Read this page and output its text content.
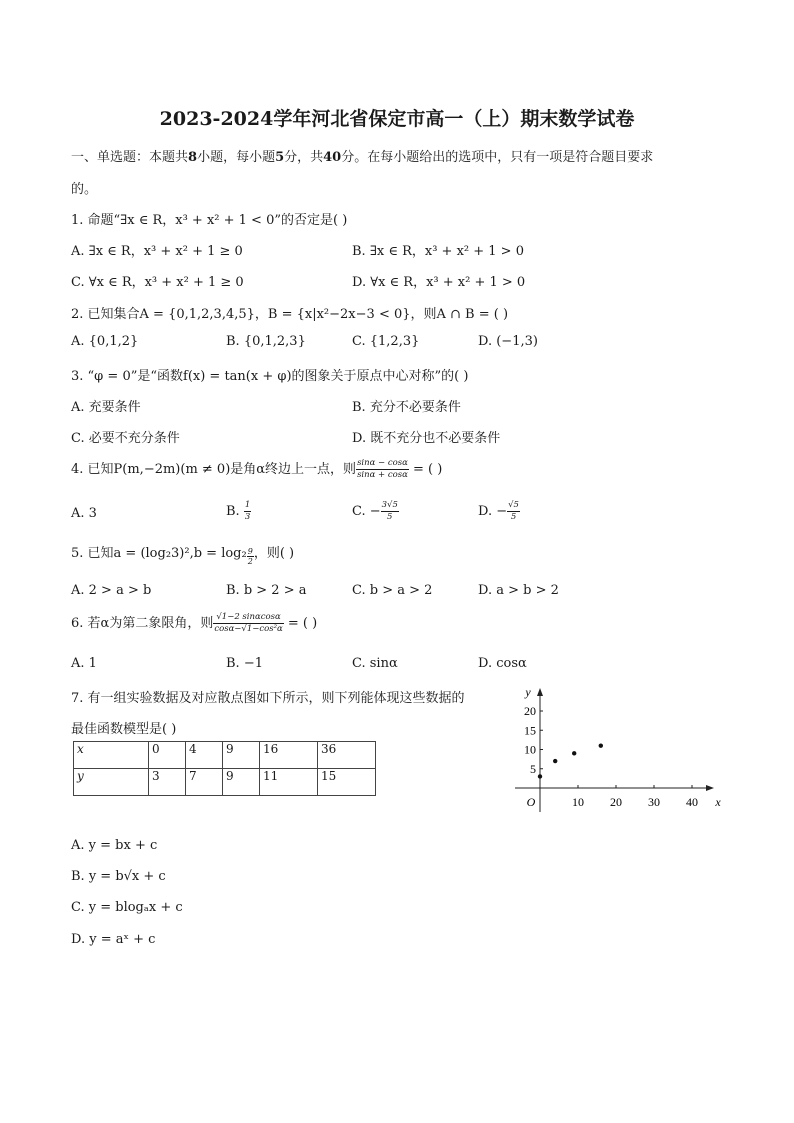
2023-2024学年河北省保定市高一（上）期末数学试卷
一、单选题：本题共8小题，每小题5分，共40分。在每小题给出的选项中，只有一项是符合题目要求
的。
1. 命题“∃x ∈ R，x³ + x² + 1 < 0”的否定是( )
A. ∃x ∈ R，x³ + x² + 1 ≥ 0	B. ∃x ∈ R，x³ + x² + 1 > 0
C. ∀x ∈ R，x³ + x² + 1 ≥ 0	D. ∀x ∈ R，x³ + x² + 1 > 0
2. 已知集合A = {0,1,2,3,4,5}，B = {x|x²−2x−3 < 0}，则A ∩ B = ( )
A. {0,1,2}	B. {0,1,2,3}	C. {1,2,3}	D. (−1,3)
3. “φ = 0”是“函数f(x) = tan(x + φ)的图象关于原点中心对称”的( )
A. 充要条件	B. 充分不必要条件
C. 必要不充分条件	D. 既不充分也不必要条件
4. 已知P(m,−2m)(m ≠ 0)是角α终边上一点，则 $\frac{\sin\alpha - \cos\alpha}{\sin\alpha + \cos\alpha}$ = ( )
A. 3	B. $\frac{1}{3}$	C. − $\frac{3√5}{5}$	D. − $\frac{√5}{5}$
5. 已知$a = (\log_23)^2,b = \log_2 \frac{9}{2}$ ，则( )
A. 2 > a > b	B. b > 2 > a	C. b > a > 2	D. a > b > 2
6. 若α为第二象限角，则 $\frac{√1-2 \sin\alpha\cos\alpha}{\text{cosα−√1−cos²α}}$ = ( )
A. 1	B. −1	C. sinα	D. cosα
7. 有一组实验数据及对应散点图如下所示，则下列能体现这些数据的
最佳函数模型是( )
x	0	4	9	16	36
y	3	7	9	11	15
x
y
O	10 20 30 40
5
10
15
20
A. y = bx + c
B. y = b√x + c
C. y = blogₐx + c
D. y = aˣ + c
